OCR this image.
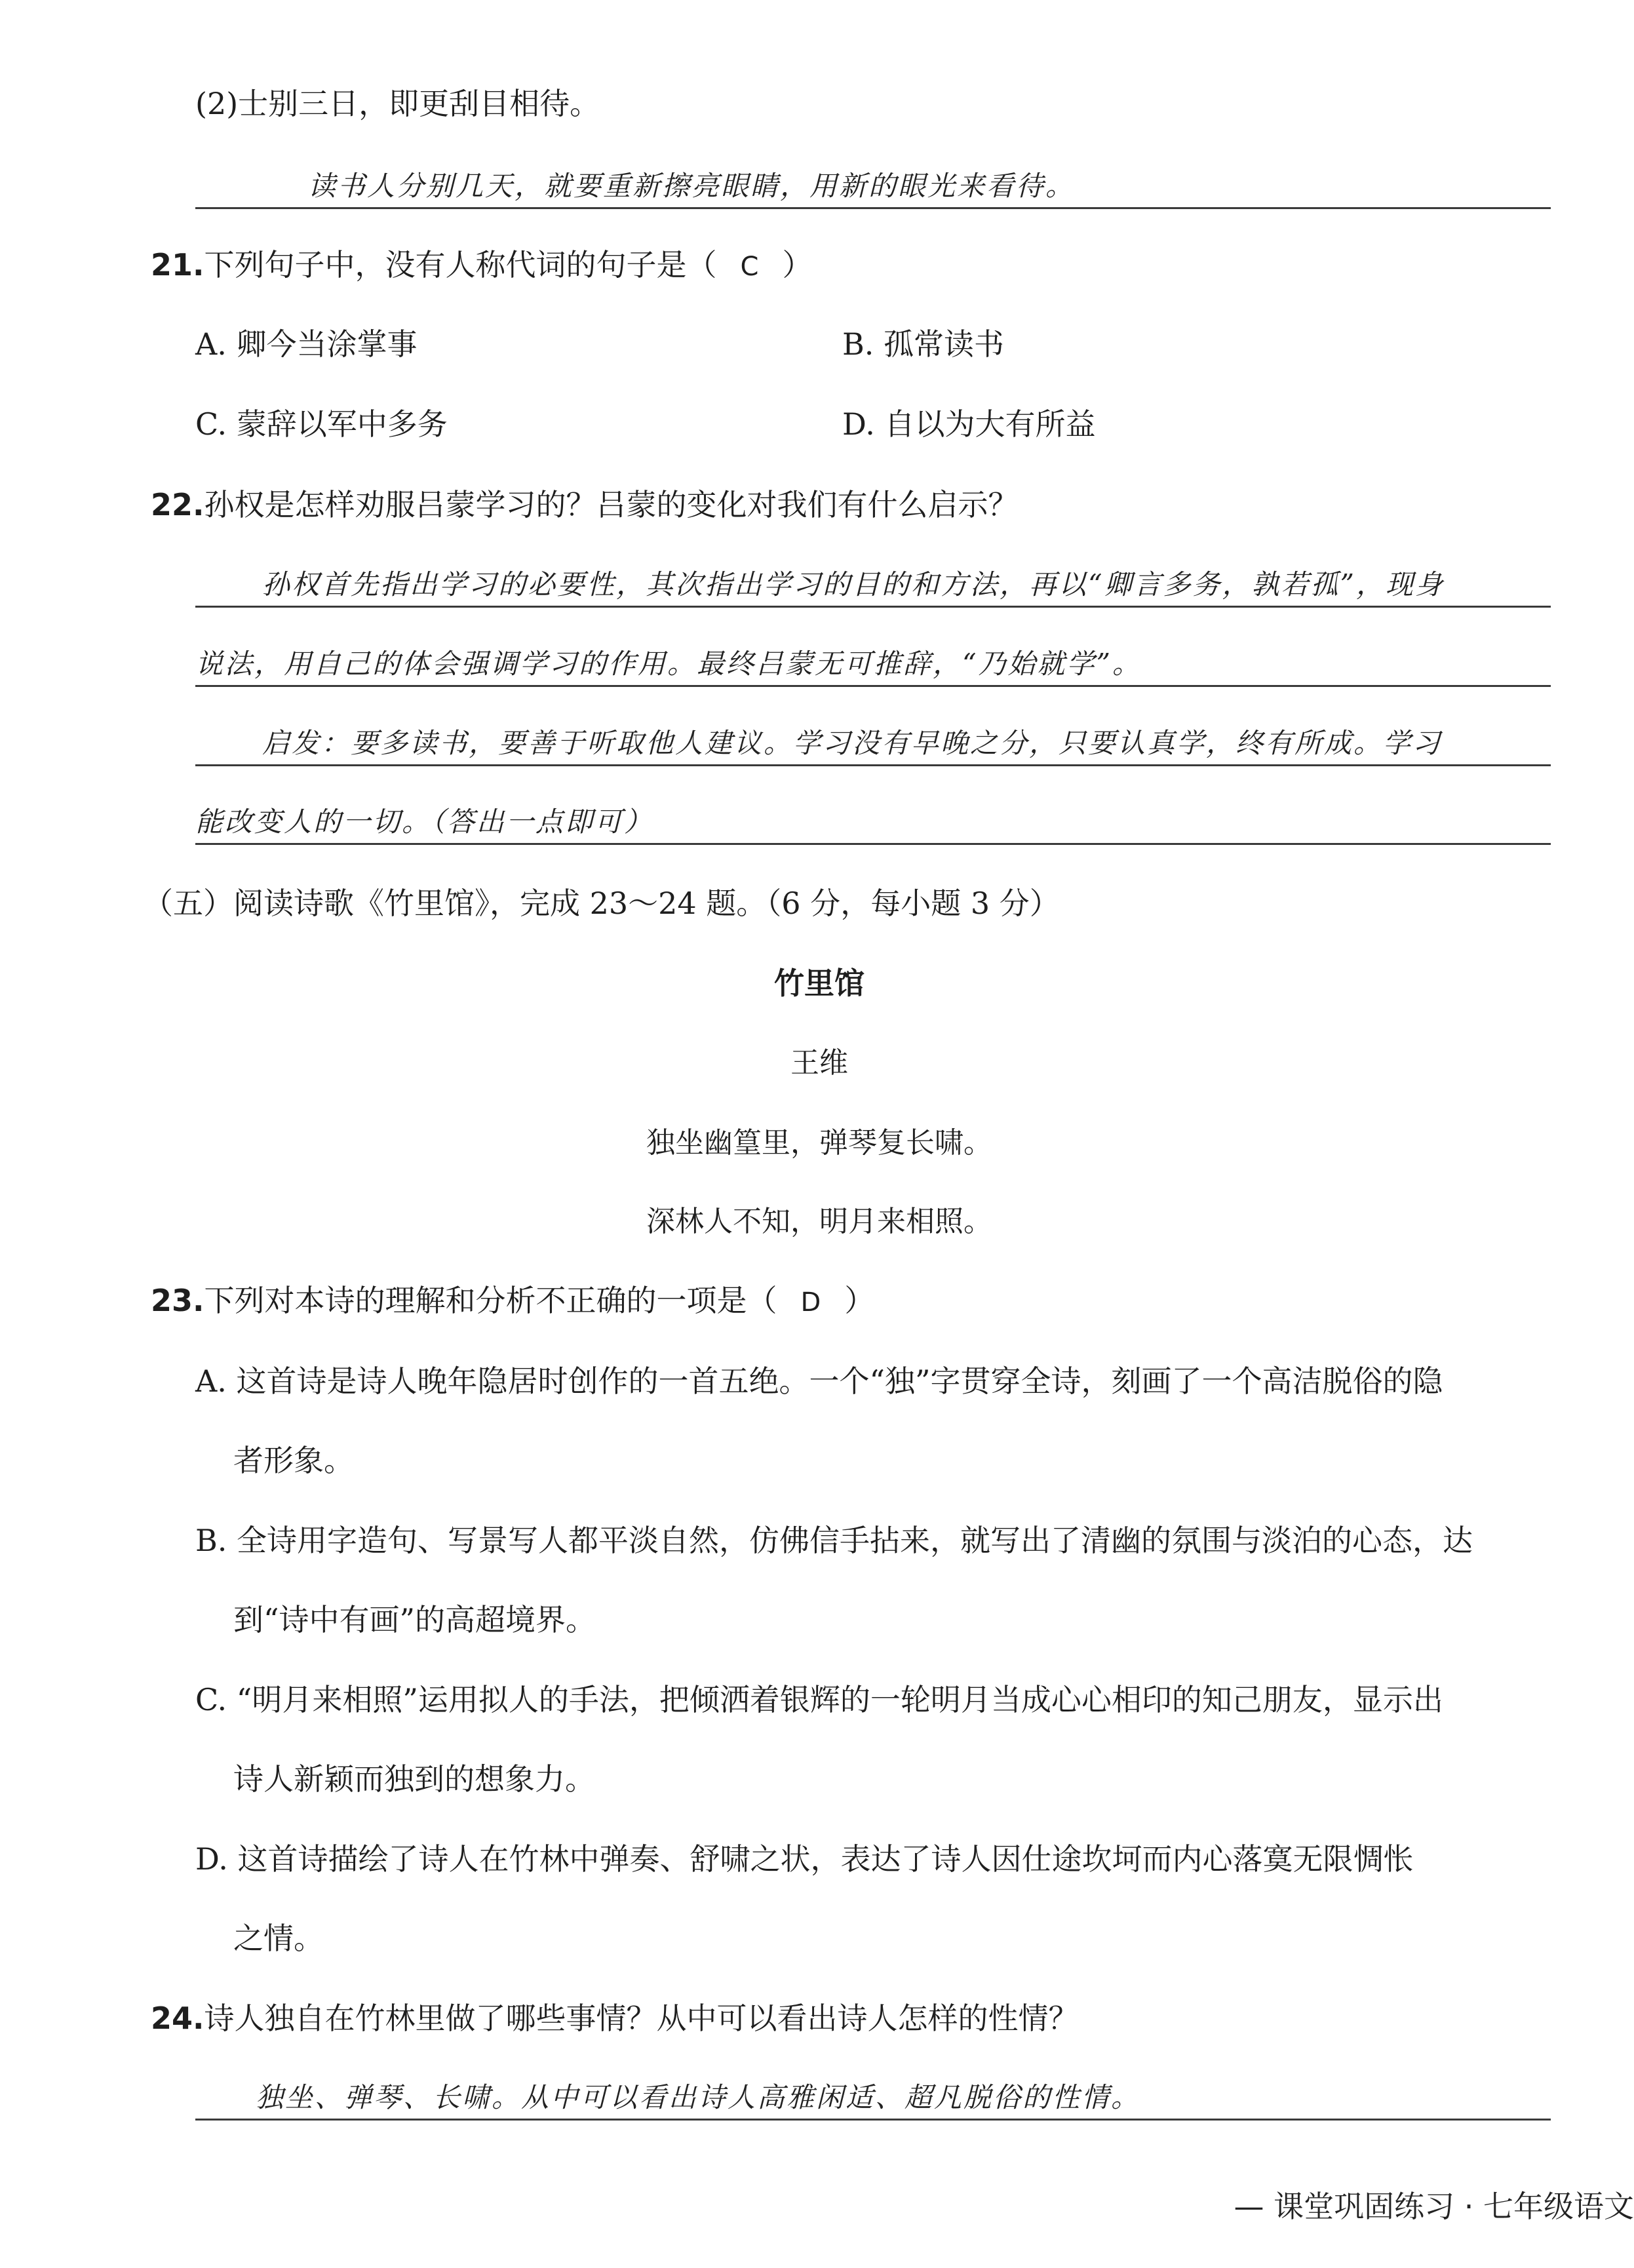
(2)士别三日，即更刮目相待。
读书人分别几天，就要重新擦亮眼睛，用新的眼光来看待。
21.下列句子中，没有人称代词的句子是（ C ）
A. 卿今当涂掌事	B. 孤常读书
C. 蒙辞以军中多务	D. 自以为大有所益
22.孙权是怎样劝服吕蒙学习的？吕蒙的变化对我们有什么启示？
孙权首先指出学习的必要性，其次指出学习的目的和方法，再以“卿言多务，孰若孤”，现身
说法，用自己的体会强调学习的作用。最终吕蒙无可推辞，“乃始就学”。
启发：要多读书，要善于听取他人建议。学习没有早晚之分，只要认真学，终有所成。学习
能改变人的一切。（答出一点即可）
（五）阅读诗歌《竹里馆》，完成 23～24 题。（6 分，每小题 3 分）
竹里馆
王维
独坐幽篁里，弹琴复长啸。
深林人不知，明月来相照。
23.下列对本诗的理解和分析不正确的一项是（ D ）
A. 这首诗是诗人晚年隐居时创作的一首五绝。一个“独”字贯穿全诗，刻画了一个高洁脱俗的隐
者形象。
B. 全诗用字造句、写景写人都平淡自然，仿佛信手拈来，就写出了清幽的氛围与淡泊的心态，达
到“诗中有画”的高超境界。
C. “明月来相照”运用拟人的手法，把倾洒着银辉的一轮明月当成心心相印的知己朋友，显示出
诗人新颖而独到的想象力。
D. 这首诗描绘了诗人在竹林中弹奏、舒啸之状，表达了诗人因仕途坎坷而内心落寞无限惆怅
之情。
24.诗人独自在竹林里做了哪些事情？从中可以看出诗人怎样的性情？
独坐、弹琴、长啸。从中可以看出诗人高雅闲适、超凡脱俗的性情。
— 课堂巩固练习 · 七年级语文
